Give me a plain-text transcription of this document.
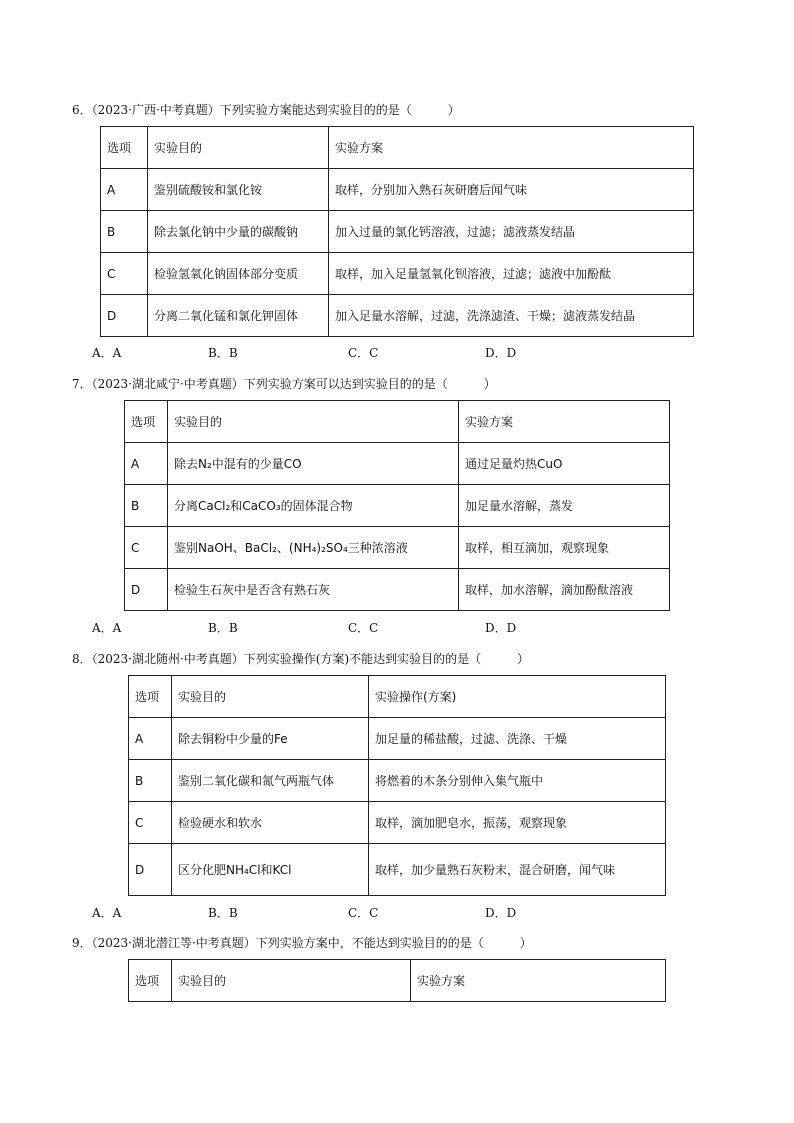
6．（2023·广西·中考真题）下列实验方案能达到实验目的的是（　　　）
选项	实验目的	实验方案
A	鉴别硫酸铵和氯化铵	取样，分别加入熟石灰研磨后闻气味
B	除去氯化钠中少量的碳酸钠	加入过量的氯化钙溶液，过滤；滤液蒸发结晶
C	检验氢氧化钠固体部分变质	取样，加入足量氢氧化钡溶液，过滤；滤液中加酚酞
D	分离二氧化锰和氯化钾固体	加入足量水溶解，过滤，洗涤滤渣、干燥；滤液蒸发结晶
A．A	B．B	C．C	D．D
7．（2023·湖北咸宁·中考真题）下列实验方案可以达到实验目的的是（　　　）
选项	实验目的	实验方案
A	除去N₂中混有的少量CO	通过足量灼热CuO
B	分离CaCl₂和CaCO₃的固体混合物	加足量水溶解，蒸发
C	鉴别NaOH、BaCl₂、(NH₄)₂SO₄三种浓溶液	取样，相互滴加，观察现象
D	检验生石灰中是否含有熟石灰	取样，加水溶解，滴加酚酞溶液
A．A	B．B	C．C	D．D
8．（2023·湖北随州·中考真题）下列实验操作(方案)不能达到实验目的的是（　　　）
选项	实验目的	实验操作(方案)
A	除去铜粉中少量的Fe	加足量的稀盐酸，过滤、洗涤、干燥
B	鉴别二氧化碳和氮气两瓶气体	将燃着的木条分别伸入集气瓶中
C	检验硬水和软水	取样，滴加肥皂水，振荡，观察现象
D	区分化肥NH₄Cl和KCl	取样，加少量熟石灰粉末，混合研磨，闻气味
A．A	B．B	C．C	D．D
9．（2023·湖北潜江等·中考真题）下列实验方案中，不能达到实验目的的是（　　　）
选项	实验目的	实验方案
